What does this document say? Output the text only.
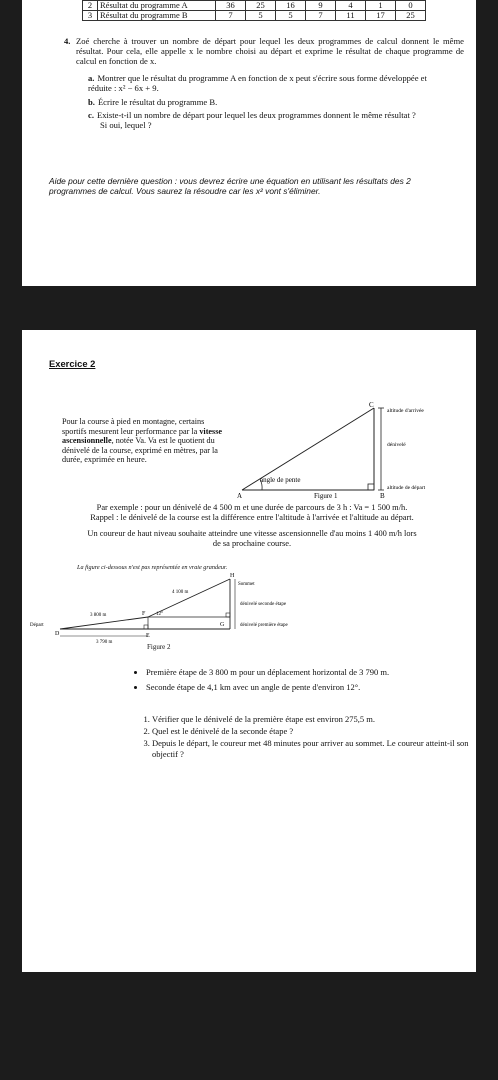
2	Résultat du programme A	36	25	16	9	4	1	0
3	Résultat du programme B	7	5	5	7	11	17	25
4. Zoé cherche à trouver un nombre de départ pour lequel les deux programmes de calcul donnent le même résultat. Pour cela, elle appelle x le nombre choisi au départ et exprime le résultat de chaque programme de calcul en fonction de x.
a. Montrer que le résultat du programme A en fonction de x peut s'écrire sous forme développée et réduite : x² − 6x + 9.
b. Écrire le résultat du programme B.
c. Existe-t-il un nombre de départ pour lequel les deux programmes donnent le même résultat ?
Si oui, lequel ?
Aide pour cette dernière question : vous devrez écrire une équation en utilisant les résultats des 2 programmes de calcul. Vous saurez la résoudre car les x² vont s'éliminer.
Exercice 2
Pour la course à pied en montagne, certains sportifs mesurent leur performance par la vitesse ascensionnelle, notée Va. Va est le quotient du dénivelé de la course, exprimé en mètres, par la durée, exprimée en heure.
C
A	B
altitude d'arrivée
dénivelé
altitude de départ
angle de pente
Figure 1
Par exemple : pour un dénivelé de 4 500 m et une durée de parcours de 3 h : Va = 1 500 m/h.
Rappel : le dénivelé de la course est la différence entre l'altitude à l'arrivée et l'altitude au départ.
Un coureur de haut niveau souhaite atteindre une vitesse ascensionnelle d'au moins 1 400 m/h lors
de sa prochaine course.
La figure ci-dessous n'est pas représentée en vraie grandeur.
H
Sommet
F
G
D	E
Départ
4 100 m
3 800 m
3 790 m
12°
dénivelé seconde étape
dénivelé première étape
Figure 2
• Première étape de 3 800 m pour un déplacement horizontal de 3 790 m.
• Seconde étape de 4,1 km avec un angle de pente d'environ 12°.
1. Vérifier que le dénivelé de la première étape est environ 275,5 m.
2. Quel est le dénivelé de la seconde étape ?
3. Depuis le départ, le coureur met 48 minutes pour arriver au sommet. Le coureur atteint-il son objectif ?
